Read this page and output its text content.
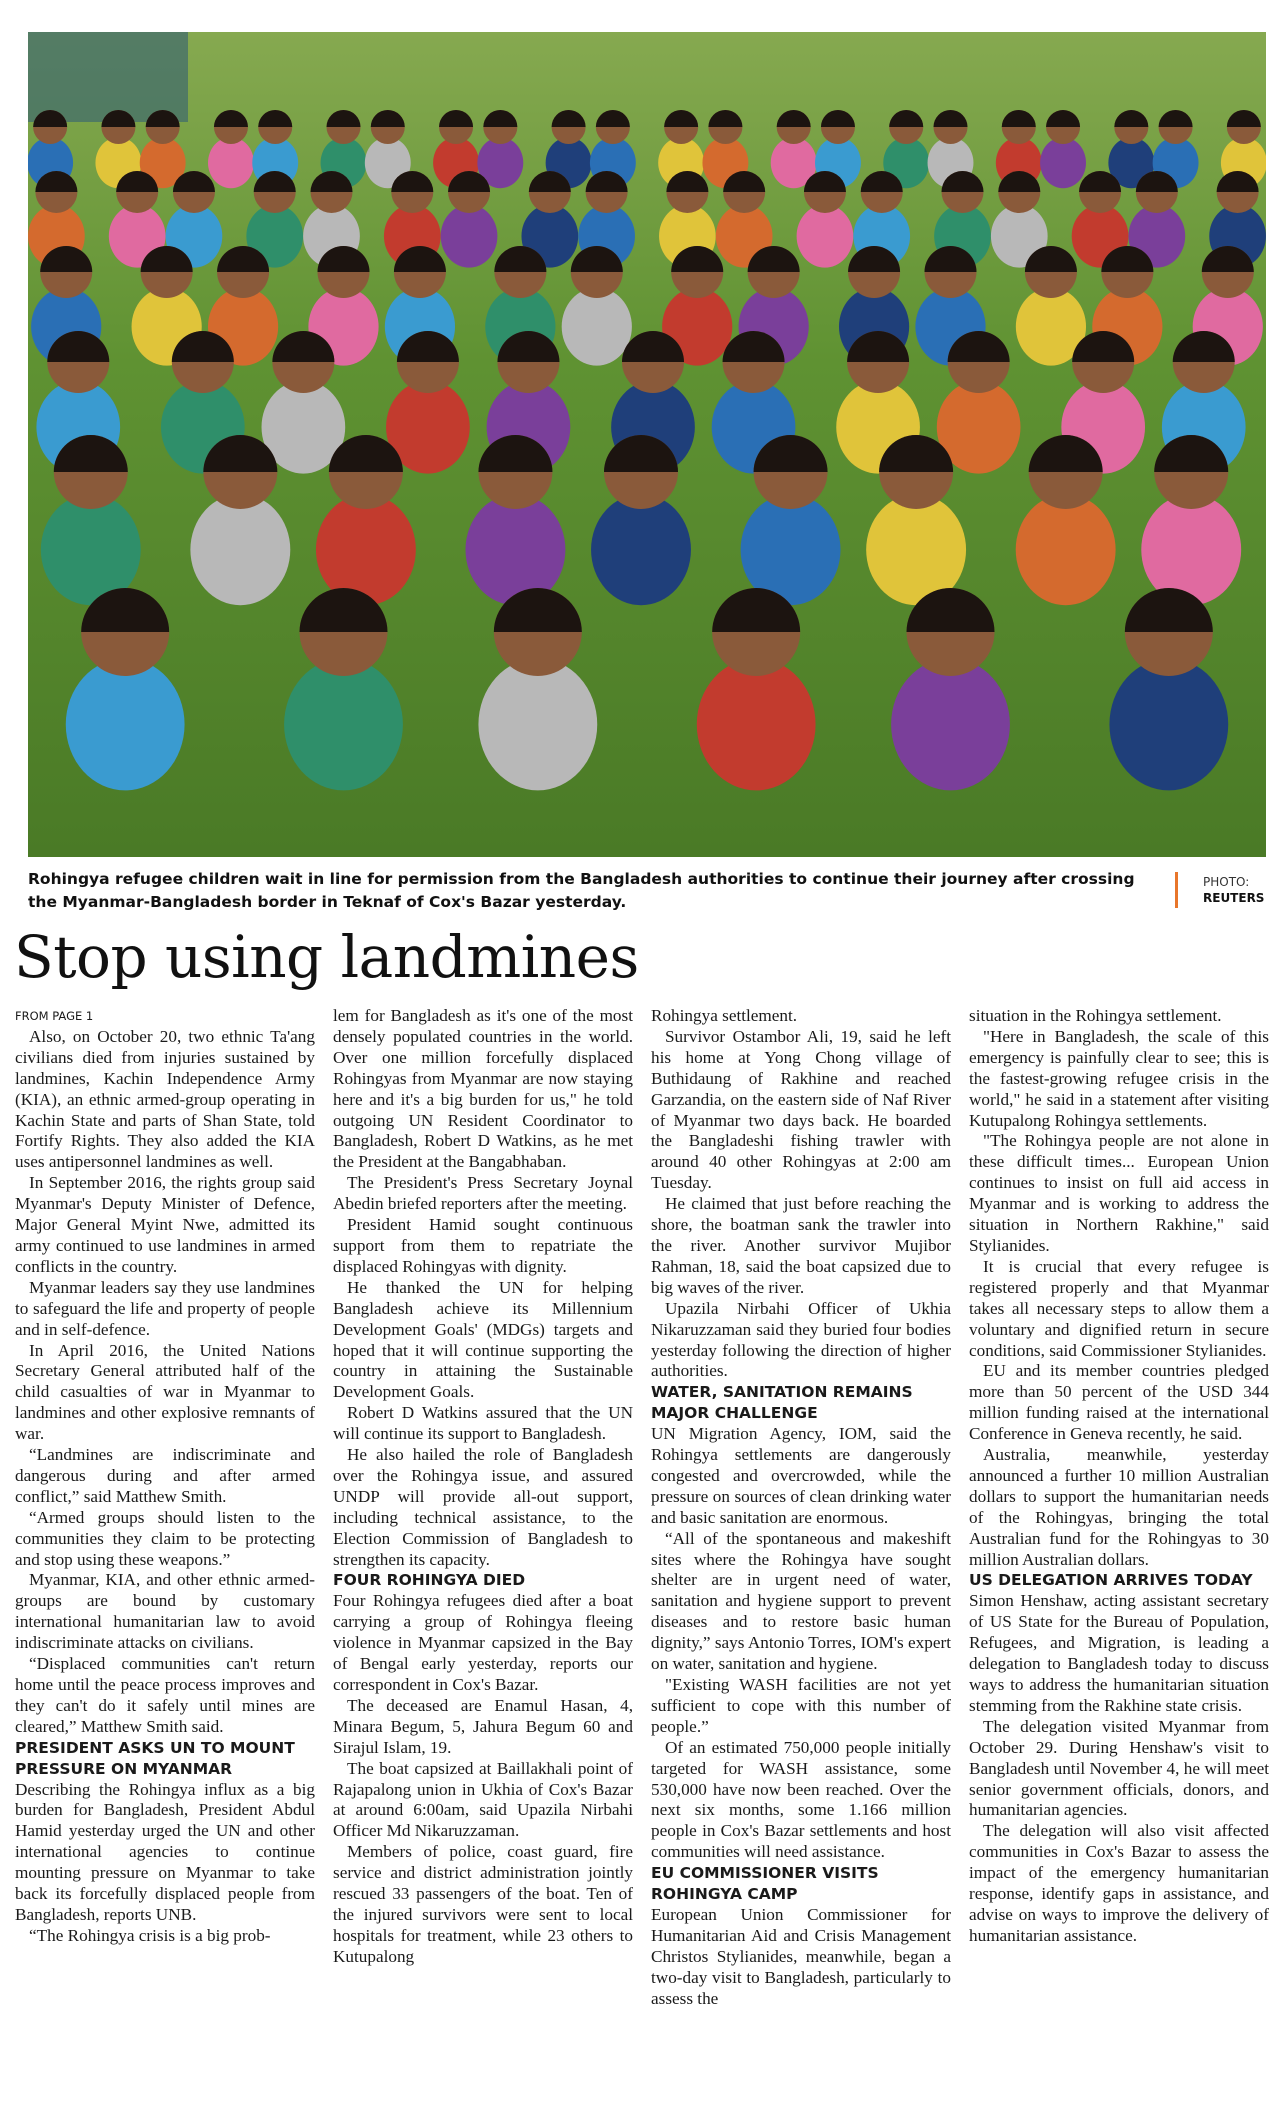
Rohingya refugee children wait in line for permission from the Bangladesh authorities to continue their journey after crossing the Myanmar-Bangladesh border in Teknaf of Cox's Bazar yesterday.
PHOTO:
REUTERS
Stop using landmines

FROM PAGE 1

Also, on October 20, two ethnic Ta'ang civilians died from injuries sustained by landmines, Kachin Independence Army (KIA), an ethnic armed-group operating in Kachin State and parts of Shan State, told Fortify Rights. They also added the KIA uses antipersonnel landmines as well.

In September 2016, the rights group said Myanmar's Deputy Minister of Defence, Major General Myint Nwe, admitted its army continued to use landmines in armed conflicts in the country.

Myanmar leaders say they use landmines to safeguard the life and property of people and in self-defence.

In April 2016, the United Nations Secretary General attributed half of the child casualties of war in Myanmar to landmines and other explosive remnants of war.

“Landmines are indiscriminate and dangerous during and after armed conflict,” said Matthew Smith.

“Armed groups should listen to the communities they claim to be protecting and stop using these weapons.”

Myanmar, KIA, and other ethnic armed-groups are bound by customary international humanitarian law to avoid indiscriminate attacks on civilians.

“Displaced communities can't return home until the peace process improves and they can't do it safely until mines are cleared,” Matthew Smith said.

PRESIDENT ASKS UN TO MOUNT PRESSURE ON MYANMAR

Describing the Rohingya influx as a big burden for Bangladesh, President Abdul Hamid yesterday urged the UN and other international agencies to continue mounting pressure on Myanmar to take back its forcefully displaced people from Bangladesh, reports UNB.

“The Rohingya crisis is a big prob-

lem for Bangladesh as it's one of the most densely populated countries in the world. Over one million forcefully displaced Rohingyas from Myanmar are now staying here and it's a big burden for us," he told outgoing UN Resident Coordinator to Bangladesh, Robert D Watkins, as he met the President at the Bangabhaban.

The President's Press Secretary Joynal Abedin briefed reporters after the meeting.

President Hamid sought continuous support from them to repatriate the displaced Rohingyas with dignity.

He thanked the UN for helping Bangladesh achieve its Millennium Development Goals' (MDGs) targets and hoped that it will continue supporting the country in attaining the Sustainable Development Goals.

Robert D Watkins assured that the UN will continue its support to Bangladesh.

He also hailed the role of Bangladesh over the Rohingya issue, and assured UNDP will provide all-out support, including technical assistance, to the Election Commission of Bangladesh to strengthen its capacity.

FOUR ROHINGYA DIED

Four Rohingya refugees died after a boat carrying a group of Rohingya fleeing violence in Myanmar capsized in the Bay of Bengal early yesterday, reports our correspondent in Cox's Bazar.

The deceased are Enamul Hasan, 4, Minara Begum, 5, Jahura Begum 60 and Sirajul Islam, 19.

The boat capsized at Baillakhali point of Rajapalong union in Ukhia of Cox's Bazar at around 6:00am, said Upazila Nirbahi Officer Md Nikaruzzaman.

Members of police, coast guard, fire service and district administration jointly rescued 33 passengers of the boat. Ten of the injured survivors were sent to local hospitals for treatment, while 23 others to Kutupalong

Rohingya settlement.

Survivor Ostambor Ali, 19, said he left his home at Yong Chong village of Buthidaung of Rakhine and reached Garzandia, on the eastern side of Naf River of Myanmar two days back. He boarded the Bangladeshi fishing trawler with around 40 other Rohingyas at 2:00 am Tuesday.

He claimed that just before reaching the shore, the boatman sank the trawler into the river. Another survivor Mujibor Rahman, 18, said the boat capsized due to big waves of the river.

Upazila Nirbahi Officer of Ukhia Nikaruzzaman said they buried four bodies yesterday following the direction of higher authorities.

WATER, SANITATION REMAINS MAJOR CHALLENGE

UN Migration Agency, IOM, said the Rohingya settlements are dangerously congested and overcrowded, while the pressure on sources of clean drinking water and basic sanitation are enormous.

“All of the spontaneous and makeshift sites where the Rohingya have sought shelter are in urgent need of water, sanitation and hygiene support to prevent diseases and to restore basic human dignity,” says Antonio Torres, IOM's expert on water, sanitation and hygiene.

"Existing WASH facilities are not yet sufficient to cope with this number of people.”

Of an estimated 750,000 people initially targeted for WASH assistance, some 530,000 have now been reached. Over the next six months, some 1.166 million people in Cox's Bazar settlements and host communities will need assistance.

EU COMMISSIONER VISITS ROHINGYA CAMP

European Union Commissioner for Humanitarian Aid and Crisis Management Christos Stylianides, meanwhile, began a two-day visit to Bangladesh, particularly to assess the

situation in the Rohingya settlement.

"Here in Bangladesh, the scale of this emergency is painfully clear to see; this is the fastest-growing refugee crisis in the world," he said in a statement after visiting Kutupalong Rohingya settlements.

"The Rohingya people are not alone in these difficult times... European Union continues to insist on full aid access in Myanmar and is working to address the situation in Northern Rakhine," said Stylianides.

It is crucial that every refugee is registered properly and that Myanmar takes all necessary steps to allow them a voluntary and dignified return in secure conditions, said Commissioner Stylianides.

EU and its member countries pledged more than 50 percent of the USD 344 million funding raised at the international Conference in Geneva recently, he said.

Australia, meanwhile, yesterday announced a further 10 million Australian dollars to support the humanitarian needs of the Rohingyas, bringing the total Australian fund for the Rohingyas to 30 million Australian dollars.

US DELEGATION ARRIVES TODAY

Simon Henshaw, acting assistant secretary of US State for the Bureau of Population, Refugees, and Migration, is leading a delegation to Bangladesh today to discuss ways to address the humanitarian situation stemming from the Rakhine state crisis.

The delegation visited Myanmar from October 29. During Henshaw's visit to Bangladesh until November 4, he will meet senior government officials, donors, and humanitarian agencies.

The delegation will also visit affected communities in Cox's Bazar to assess the impact of the emergency humanitarian response, identify gaps in assistance, and advise on ways to improve the delivery of humanitarian assistance.
